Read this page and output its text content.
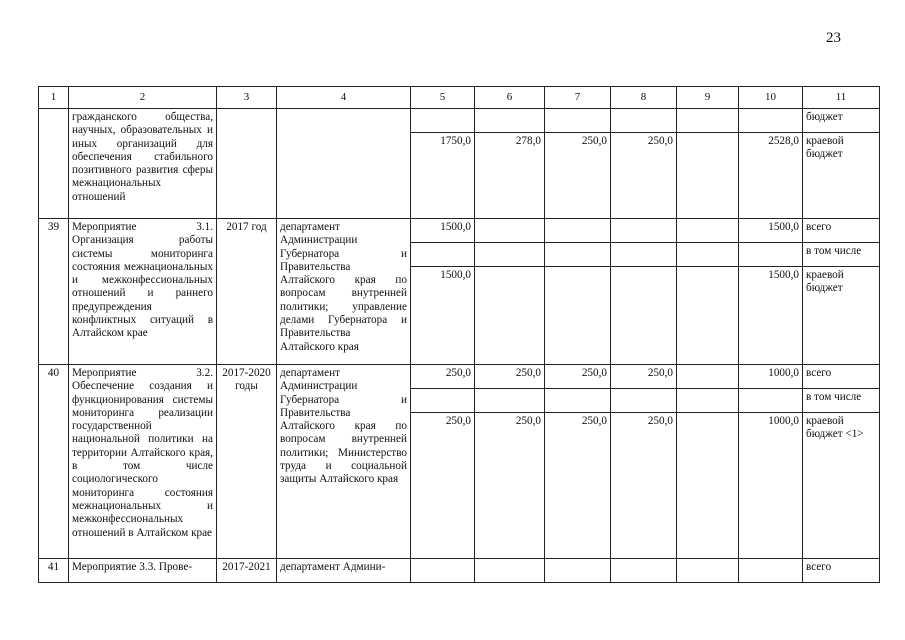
23
1	2	3	4	5	6	7	8	9	10	11
	гражданского общества, научных, образовательных и иных организаций для обеспечения стабильного позитивного развития сферы межнациональных отношений									бюджет
				1750,0	278,0	250,0	250,0		2528,0	краевой бюджет
39	Мероприятие 3.1. Организация работы системы мониторинга состояния межнациональных и межконфессиональных отношений и раннего предупреждения конфликтных ситуаций в Алтайском крае	2017 год	департамент Администрации Губернатора и Правительства Алтайского края по вопросам внутренней политики; управление делами Губернатора и Правительства Алтайского края	1500,0					1500,0	всего
										в том числе
				1500,0					1500,0	краевой бюджет
40	Мероприятие 3.2. Обеспечение создания и функционирования системы мониторинга реализации государственной национальной политики на территории Алтайского края, в том числе социологического мониторинга состояния межнациональных и межконфессиональных отношений в Алтайском крае	2017-2020 годы	департамент Администрации Губернатора и Правительства Алтайского края по вопросам внутренней политики; Министерство труда и социальной защиты Алтайского края	250,0	250,0	250,0	250,0		1000,0	всего
										в том числе
				250,0	250,0	250,0	250,0		1000,0	краевой бюджет <1>
41	Мероприятие 3.3. Прове-	2017-2021	департамент Админи-							всего
